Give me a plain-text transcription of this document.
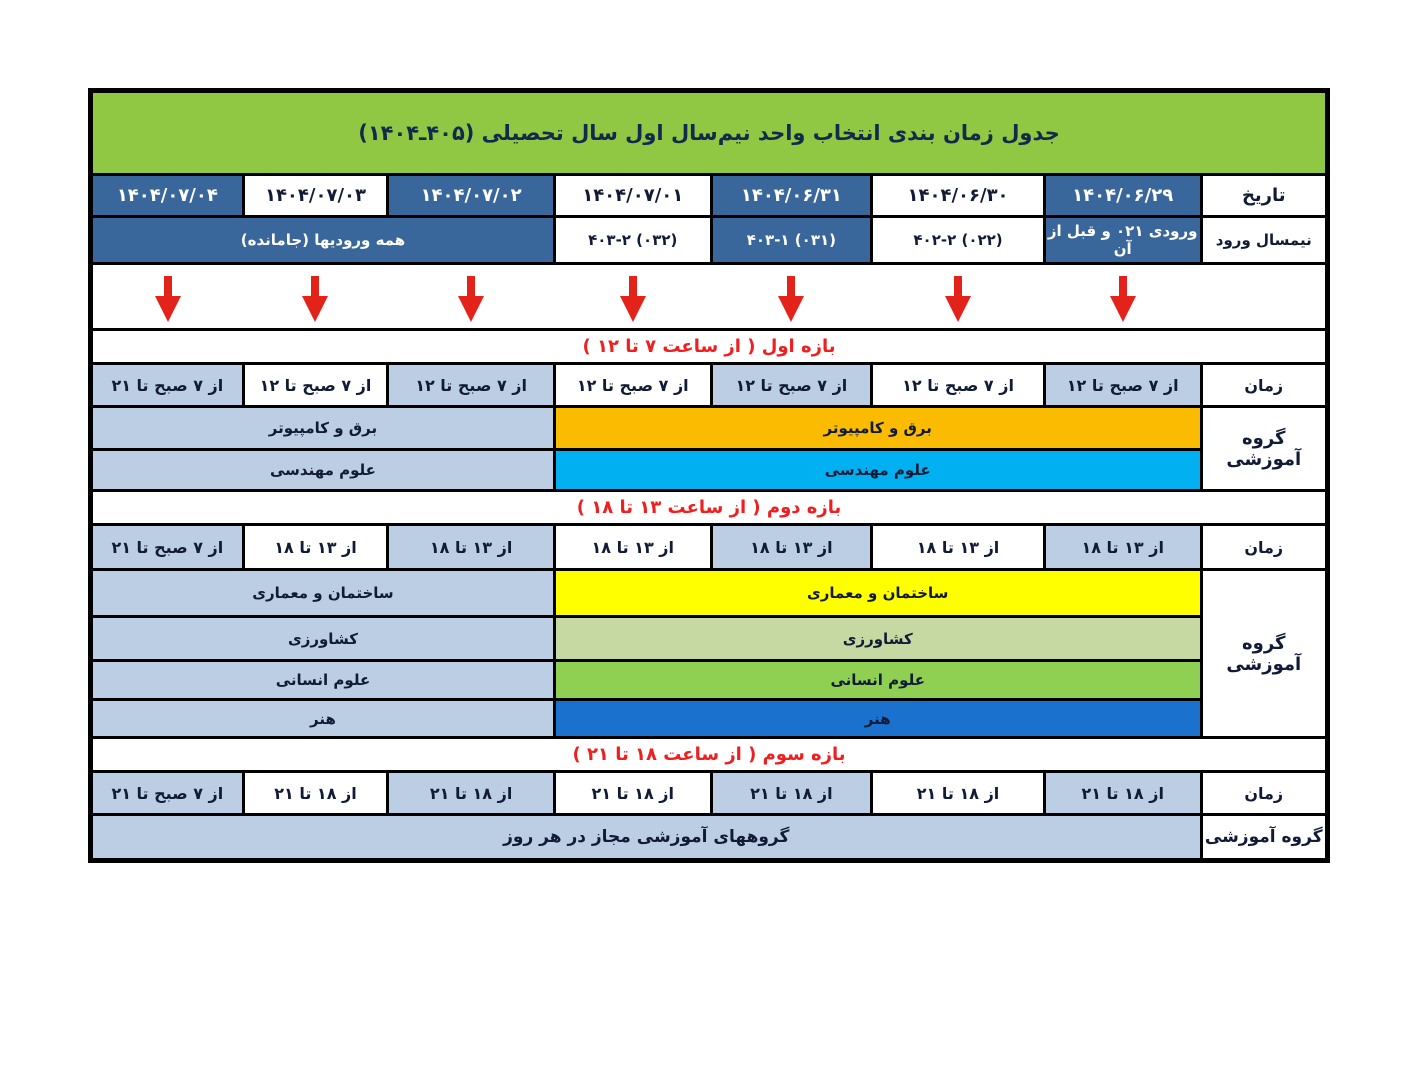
جدول زمان بندی انتخاب واحد نیم‌سال اول سال تحصیلی (۴۰۵ـ۱۴۰۴)							
تاریخ	۱۴۰۴/۰۶/۲۹	۱۴۰۴/۰۶/۳۰	۱۴۰۴/۰۶/۳۱	۱۴۰۴/۰۷/۰۱	۱۴۰۴/۰۷/۰۲	۱۴۰۴/۰۷/۰۳	۱۴۰۴/۰۷/۰۴
نیمسال ورود	ورودی ۰۲۱ و قبل از آن	۴۰۲-۲ (۰۲۲)	۴۰۳-۱ (۰۳۱)	۴۰۳-۲ (۰۳۲)	همه ورودیها (جامانده)		

بازه اول ( از ساعت ۷ تا ۱۲ )							
زمان	از ۷ صبح تا ۱۲	از ۷ صبح تا ۱۲	از ۷ صبح تا ۱۲	از ۷ صبح تا ۱۲	از ۷ صبح تا ۱۲	از ۷ صبح تا ۱۲	از ۷ صبح تا ۲۱
گروه آموزشی	برق و کامپیوتر				برق و کامپیوتر		
	علوم مهندسی				علوم مهندسی		
بازه دوم ( از ساعت ۱۳ تا ۱۸ )							
زمان	از ۱۳ تا ۱۸	از ۱۳ تا ۱۸	از ۱۳ تا ۱۸	از ۱۳ تا ۱۸	از ۱۳ تا ۱۸	از ۱۳ تا ۱۸	از ۷ صبح تا ۲۱
گروه آموزشی	ساختمان و معماری				ساختمان و معماری		
	کشاورزی				کشاورزی		
	علوم انسانی				علوم انسانی		
	هنر				هنر		
بازه سوم ( از ساعت ۱۸ تا ۲۱ )							
زمان	از ۱۸ تا ۲۱	از ۱۸ تا ۲۱	از ۱۸ تا ۲۱	از ۱۸ تا ۲۱	از ۱۸ تا ۲۱	از ۱۸ تا ۲۱	از ۷ صبح تا ۲۱
گروه آموزشی	گروههای آموزشی مجاز در هر روز						
